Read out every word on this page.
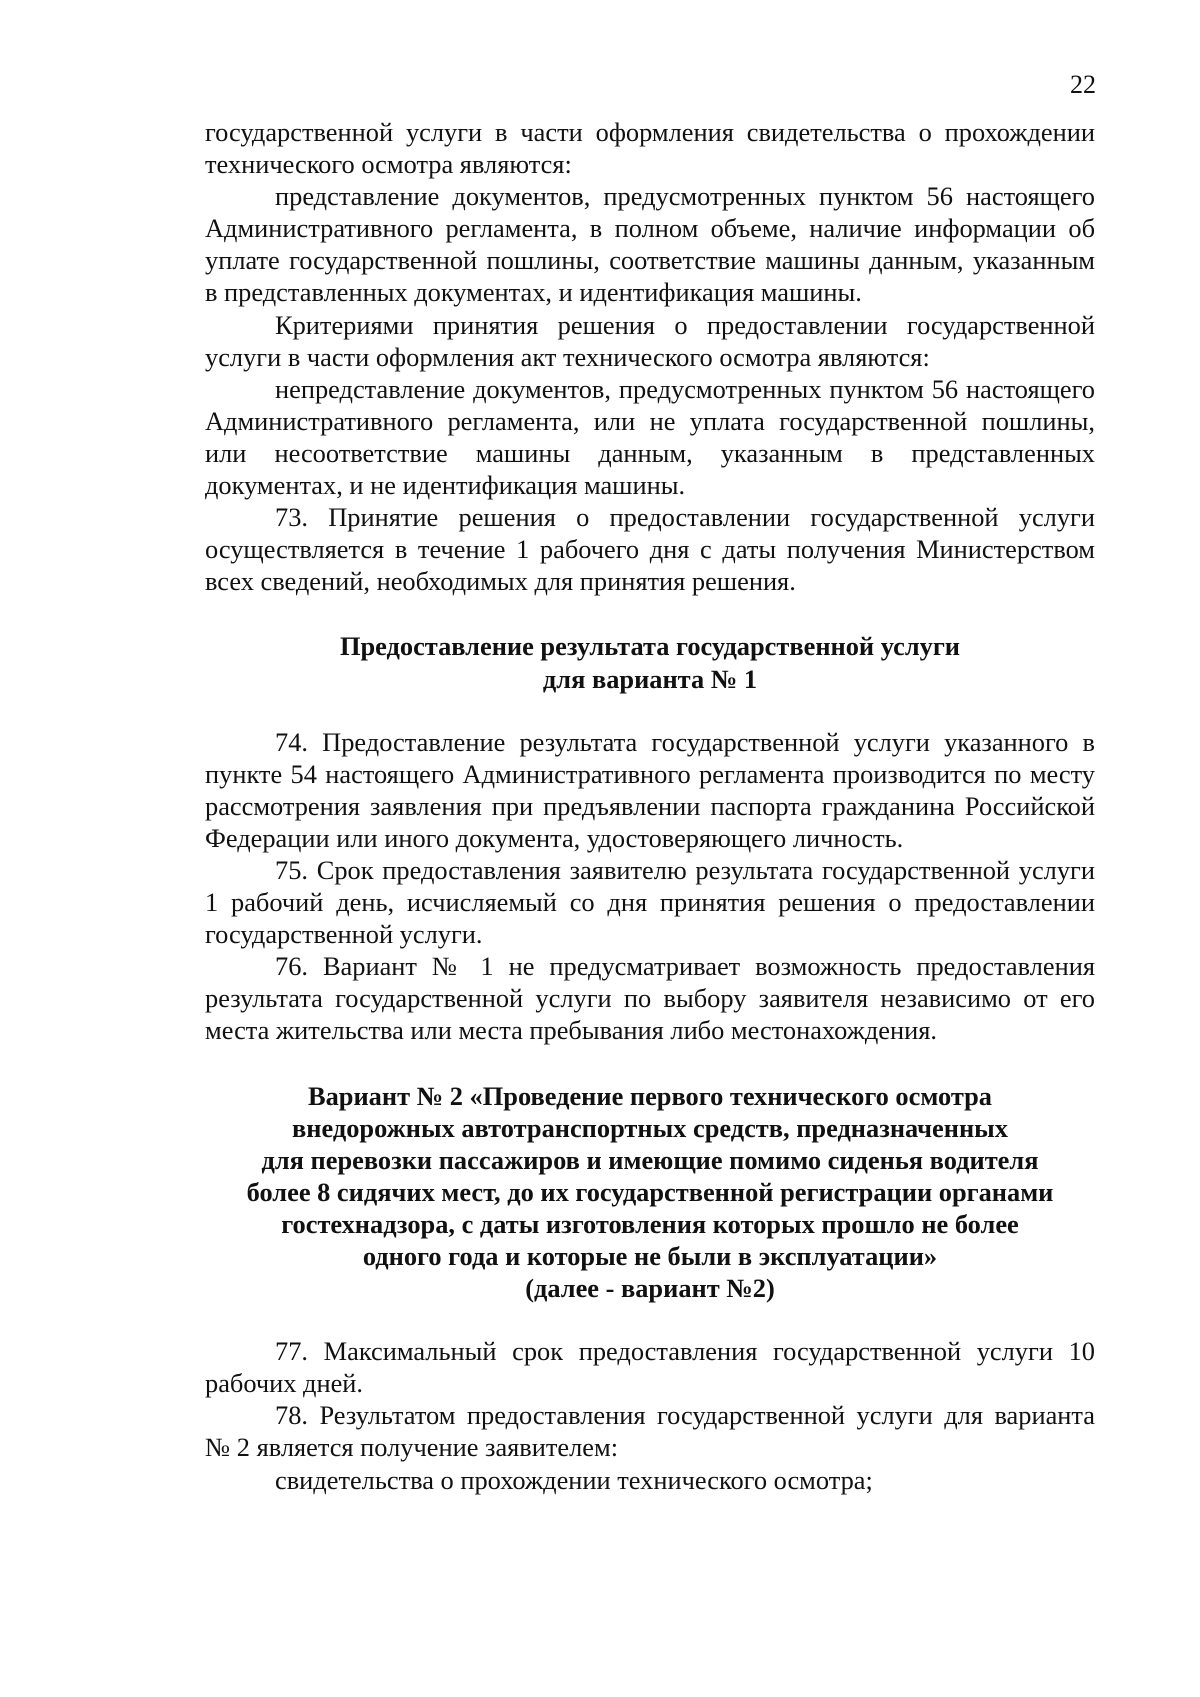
22

государственной услуги в части оформления свидетельства о прохождении технического осмотра являются:

представление документов, предусмотренных пунктом 56 настоящего Административного регламента, в полном объеме, наличие информации об уплате государственной пошлины, соответствие машины данным, указанным в представленных документах, и идентификация машины.

Критериями принятия решения о предоставлении государственной услуги в части оформления акт технического осмотра являются:

непредставление документов, предусмотренных пунктом 56 настоящего Административного регламента, или не уплата государственной пошлины, или несоответствие машины данным, указанным в представленных документах, и не идентификация машины.

73. Принятие решения о предоставлении государственной услуги осуществляется в течение 1 рабочего дня с даты получения Министерством всех сведений, необходимых для принятия решения.

Предоставление результата государственной услуги
для варианта № 1

74. Предоставление результата государственной услуги указанного в пункте 54 настоящего Административного регламента производится по месту рассмотрения заявления при предъявлении паспорта гражданина Российской Федерации или иного документа, удостоверяющего личность.

75. Срок предоставления заявителю результата государственной услуги 1 рабочий день, исчисляемый со дня принятия решения о предоставлении государственной услуги.

76. Вариант № 1 не предусматривает возможность предоставления результата государственной услуги по выбору заявителя независимо от его места жительства или места пребывания либо местонахождения.

Вариант № 2 «Проведение первого технического осмотра
внедорожных автотранспортных средств, предназначенных
для перевозки пассажиров и имеющие помимо сиденья водителя
более 8 сидячих мест, до их государственной регистрации органами
гостехнадзора, с даты изготовления которых прошло не более
одного года и которые не были в эксплуатации»
(далее - вариант №2)

77. Максимальный срок предоставления государственной услуги 10 рабочих дней.

78. Результатом предоставления государственной услуги для варианта № 2 является получение заявителем:

свидетельства о прохождении технического осмотра;
